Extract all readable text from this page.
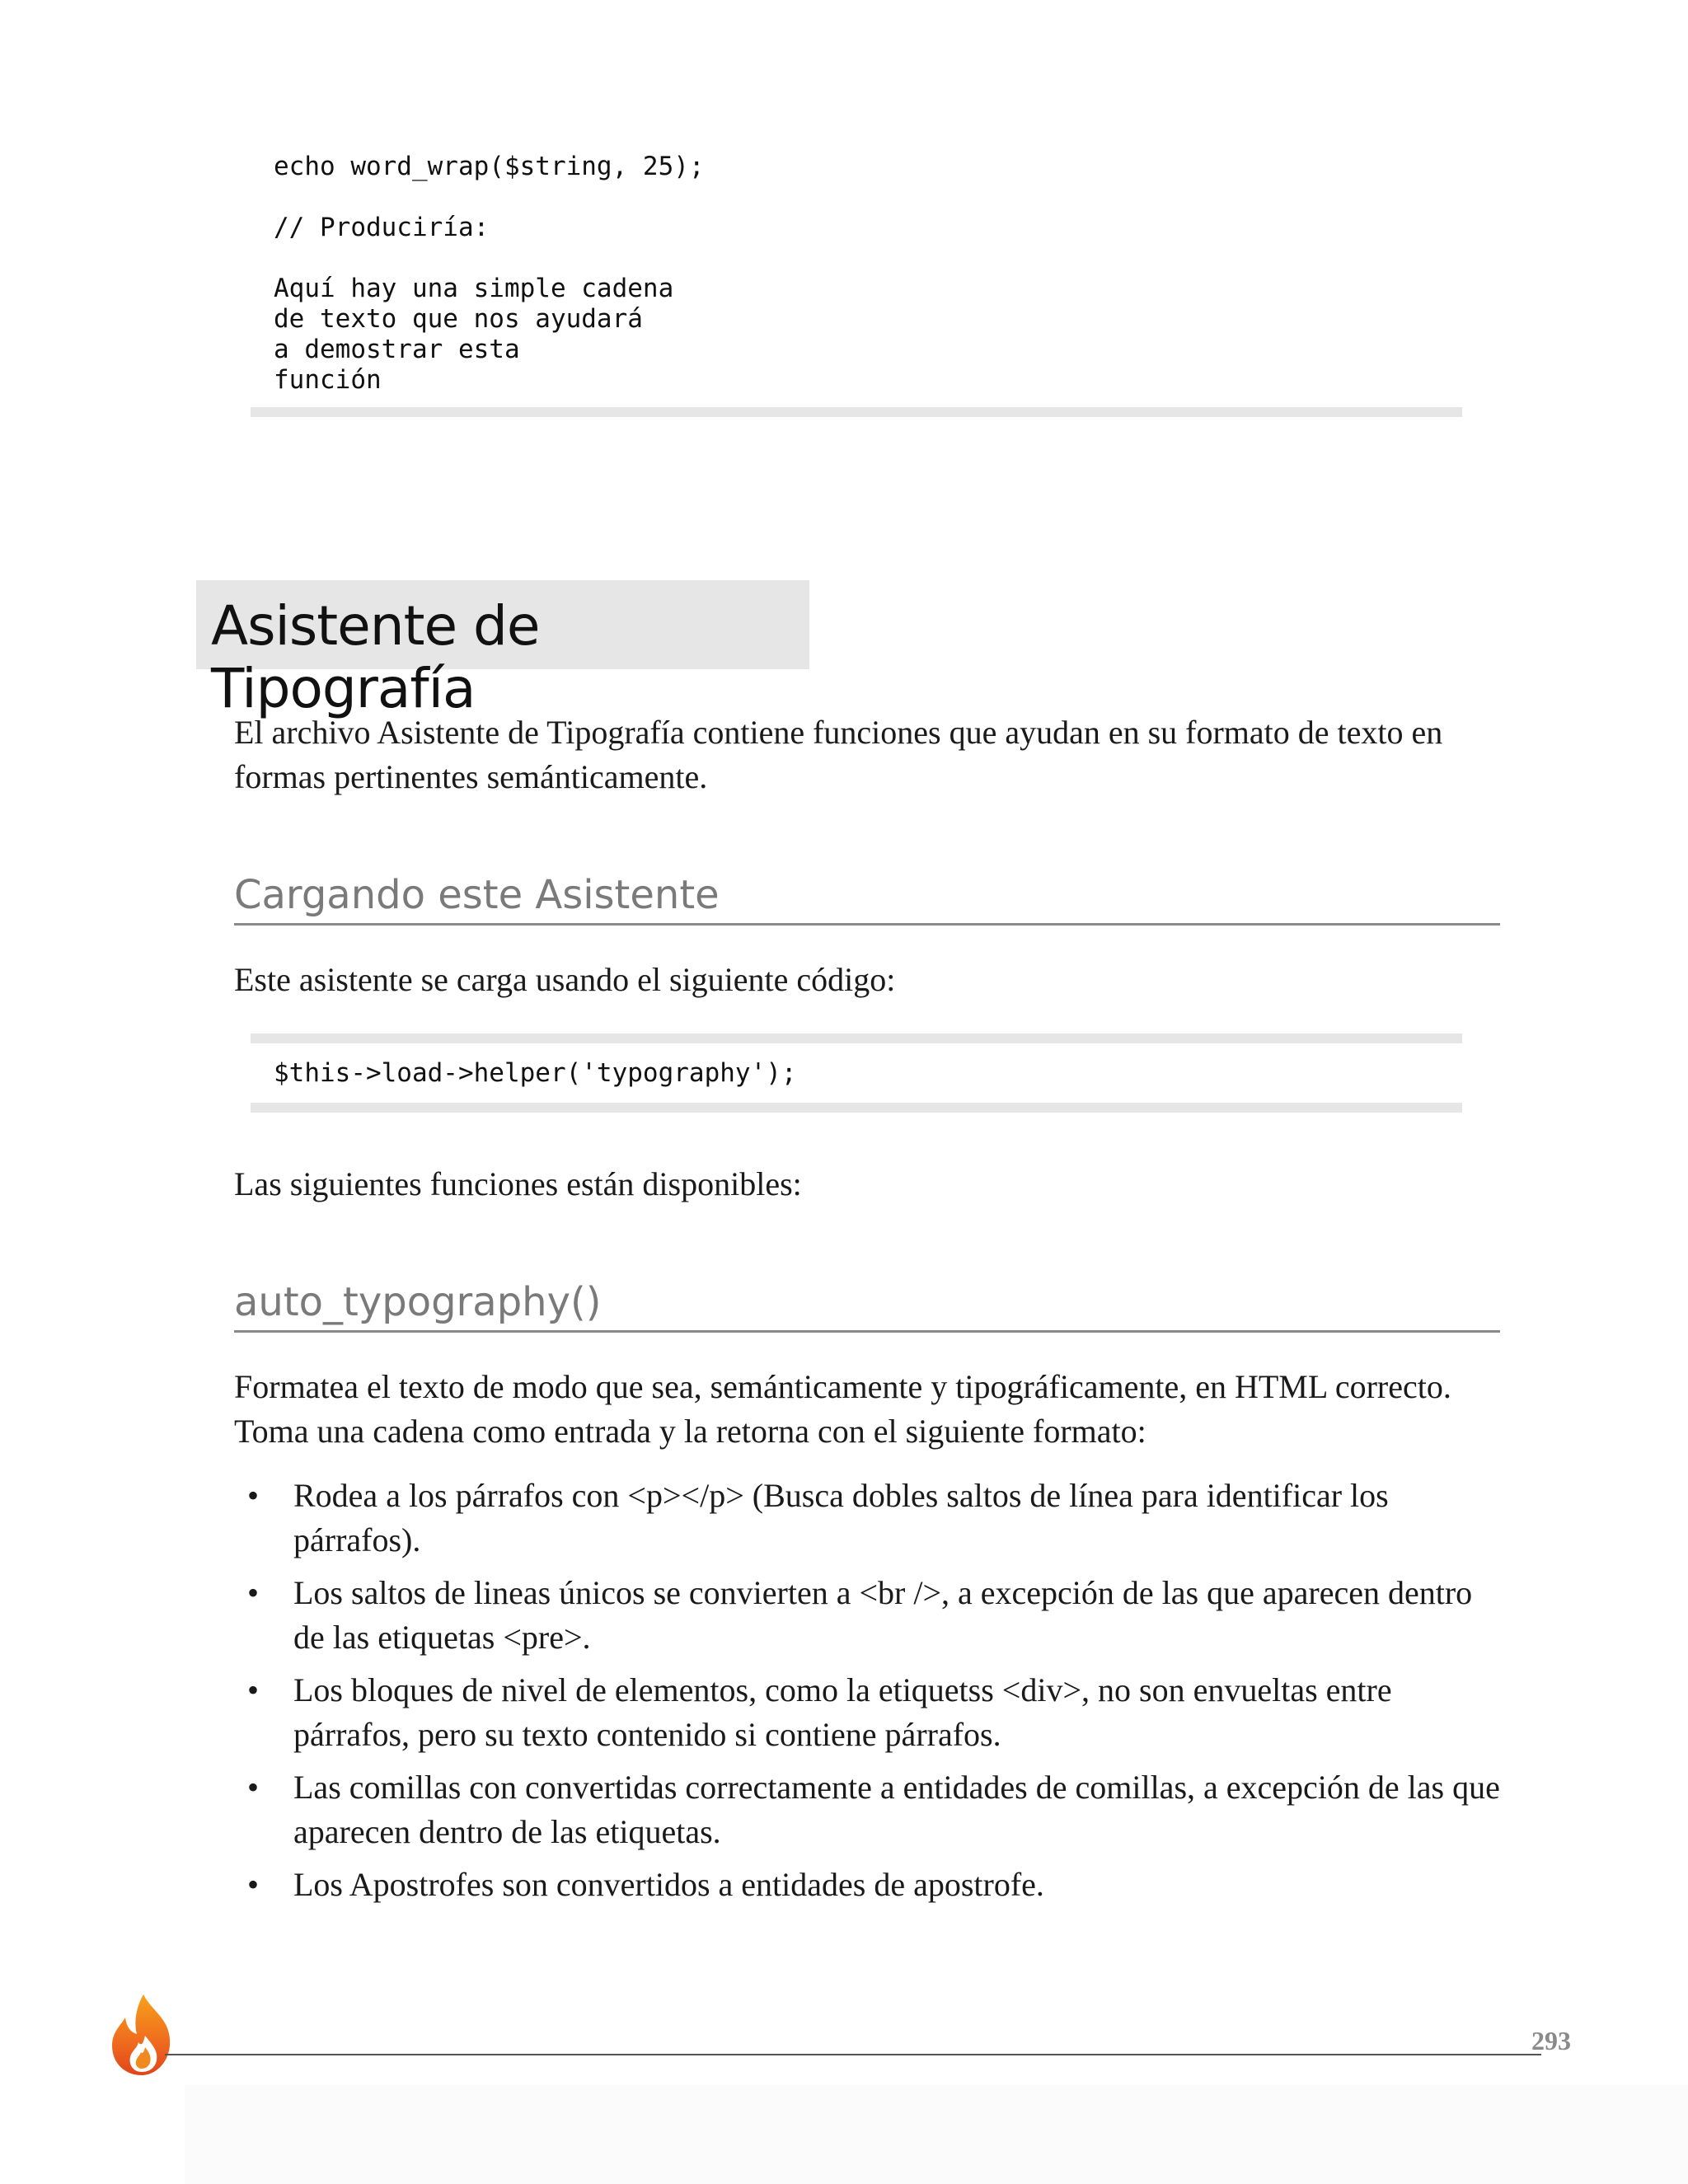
echo word_wrap($string, 25);

// Produciría:

Aquí hay una simple cadena
de texto que nos ayudará
a demostrar esta
función
Asistente de Tipografía

El archivo Asistente de Tipografía contiene funciones que ayudan en su formato de texto en formas pertinentes semánticamente.

Cargando este Asistente

Este asistente se carga usando el siguiente código:

$this->load->helper('typography');

Las siguientes funciones están disponibles:

auto_typography()

Formatea el texto de modo que sea, semánticamente y tipográficamente, en HTML correcto. Toma una cadena como entrada y la retorna con el siguiente formato:

• Rodea a los párrafos con <p></p> (Busca dobles saltos de línea para identificar los párrafos).
• Los saltos de lineas únicos se convierten a <br />, a excepción de las que aparecen dentro de las etiquetas <pre>.
• Los bloques de nivel de elementos, como la etiquetss <div>, no son envueltas entre párrafos, pero su texto contenido si contiene párrafos.
• Las comillas con convertidas correctamente a entidades de comillas, a excepción de las que aparecen dentro de las etiquetas.
• Los Apostrofes son convertidos a entidades de apostrofe.
293
